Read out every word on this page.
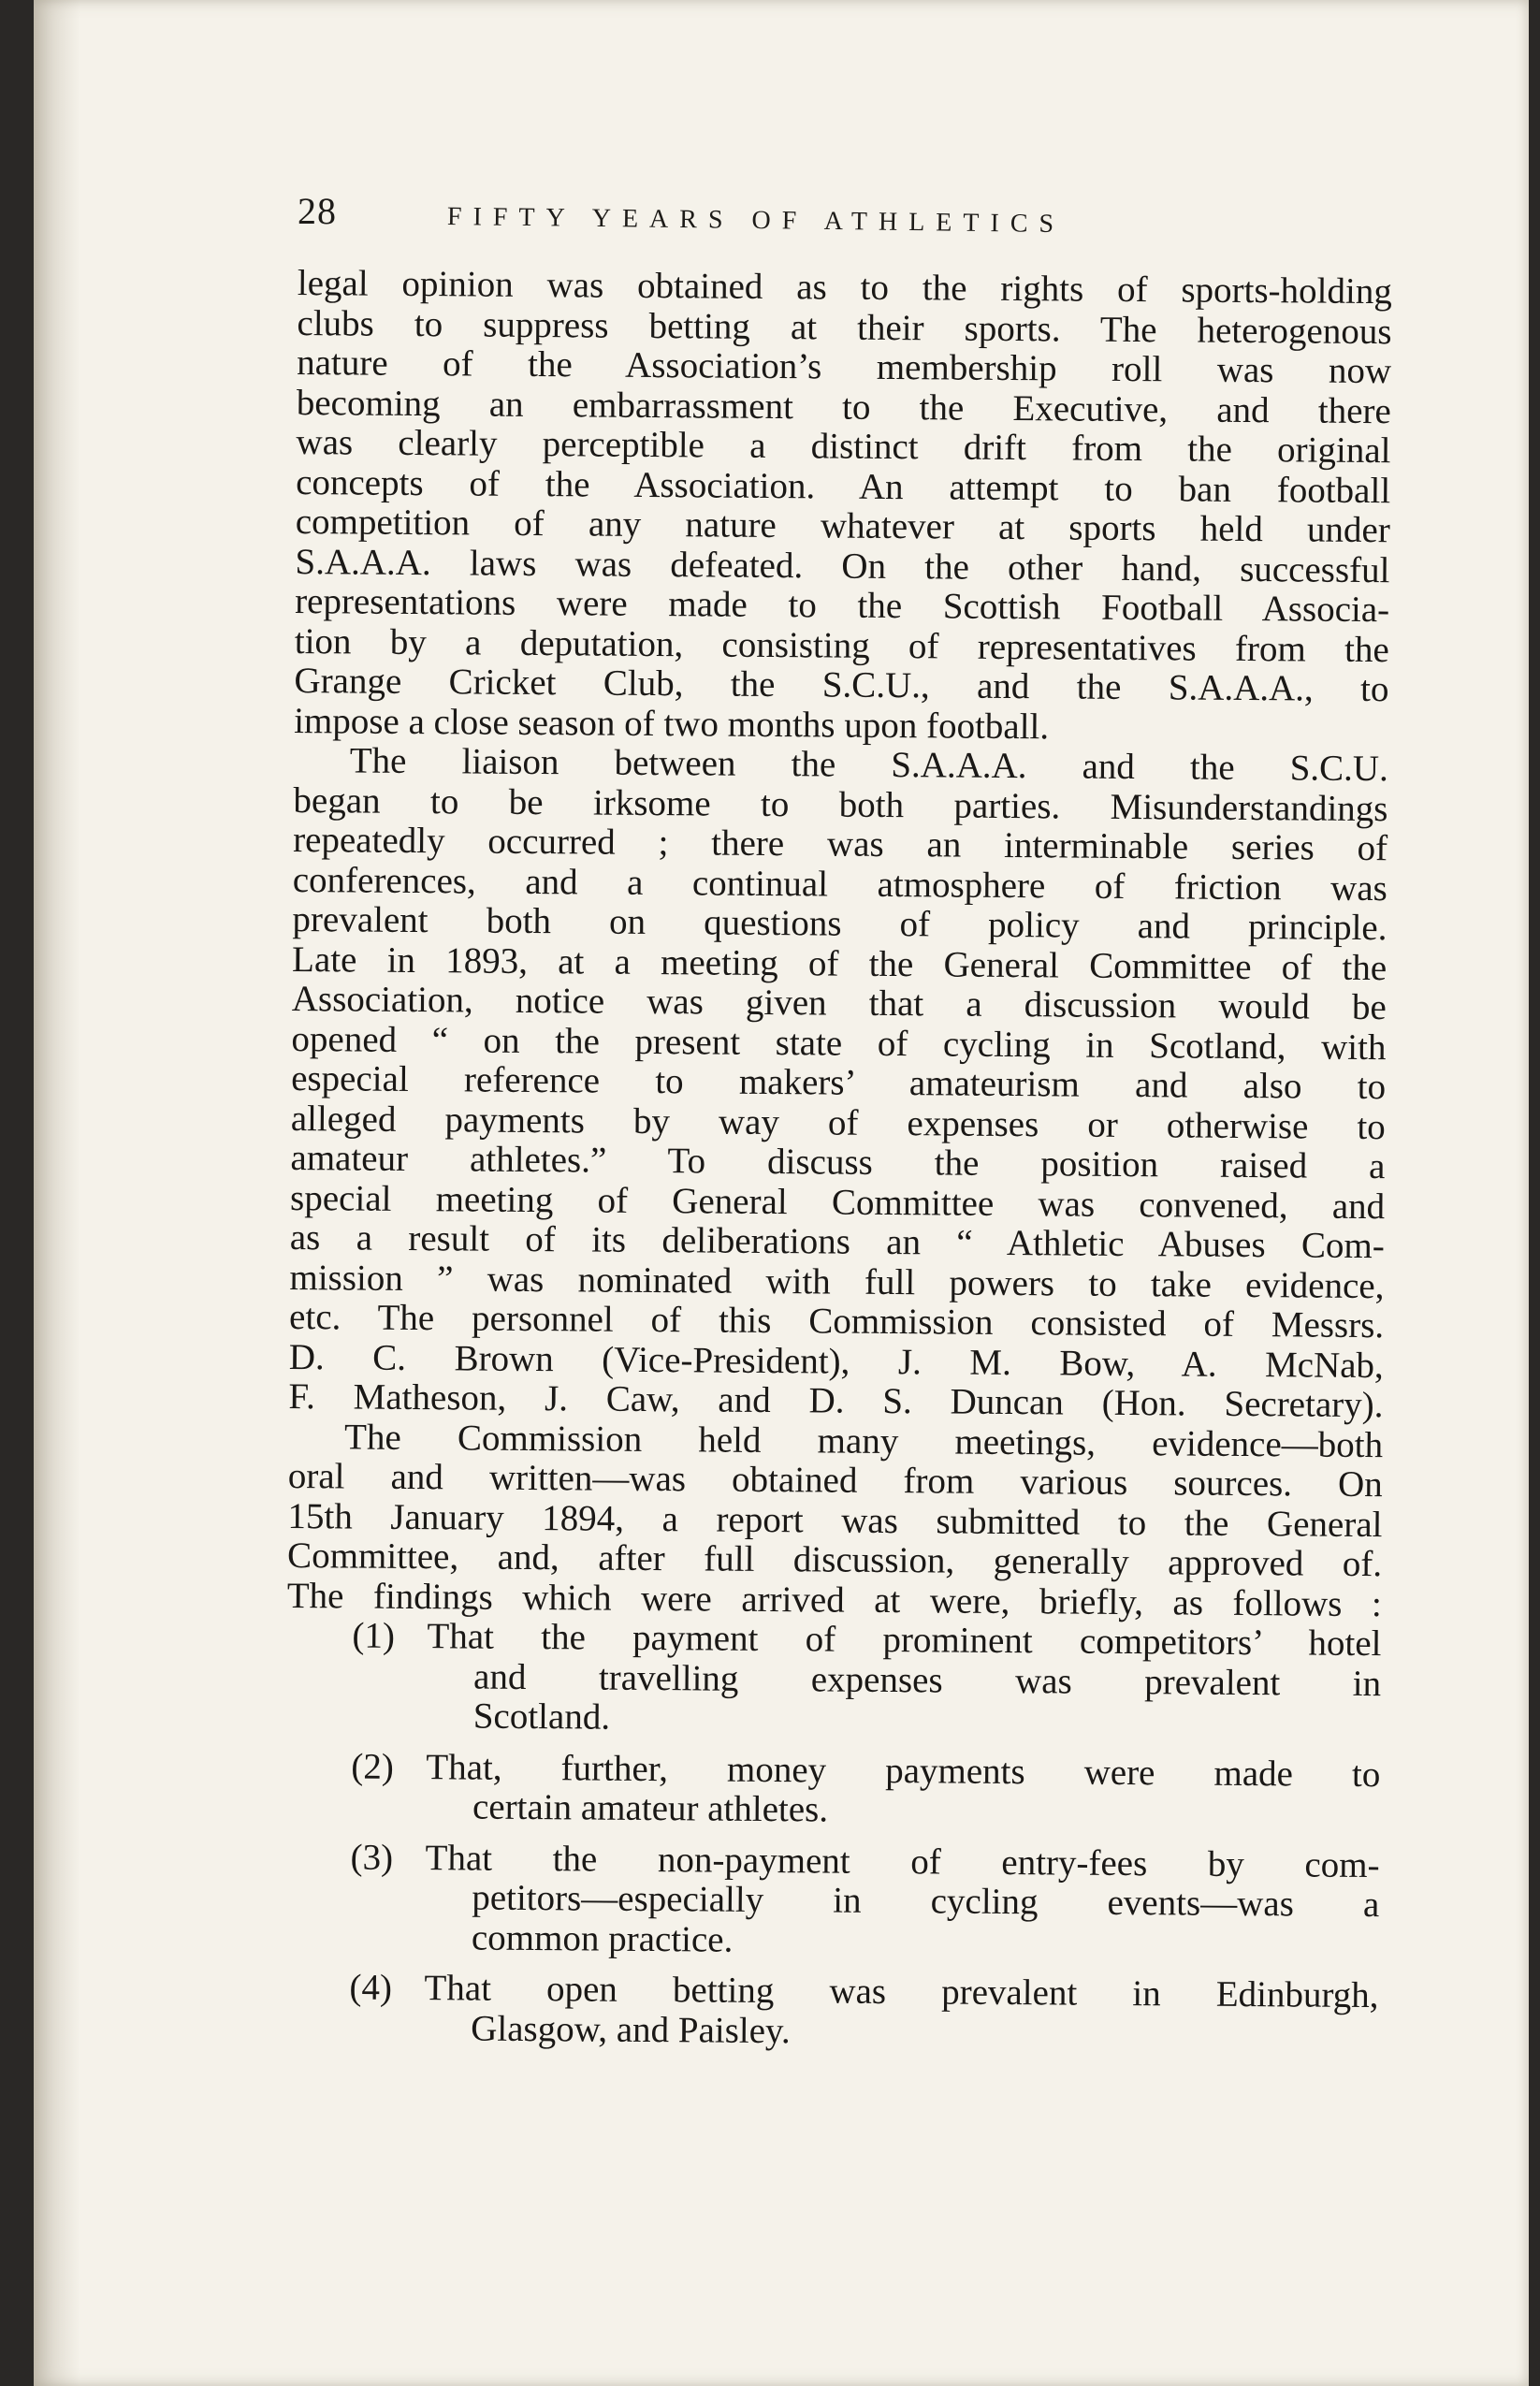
28	FIFTY YEARS OF ATHLETICS
legal opinion was obtained as to the rights of sports-holding
clubs to suppress betting at their sports. The heterogenous
nature of the Association’s membership roll was now
becoming an embarrassment to the Executive, and there
was clearly perceptible a distinct drift from the original
concepts of the Association. An attempt to ban football
competition of any nature whatever at sports held under
S.A.A.A. laws was defeated. On the other hand, successful
representations were made to the Scottish Football Associa-
tion by a deputation, consisting of representatives from the
Grange Cricket Club, the S.C.U., and the S.A.A.A., to
impose a close season of two months upon football.
The liaison between the S.A.A.A. and the S.C.U.
began to be irksome to both parties. Misunderstandings
repeatedly occurred ; there was an interminable series of
conferences, and a continual atmosphere of friction was
prevalent both on questions of policy and principle.
Late in 1893, at a meeting of the General Committee of the
Association, notice was given that a discussion would be
opened “ on the present state of cycling in Scotland, with
especial reference to makers’ amateurism and also to
alleged payments by way of expenses or otherwise to
amateur athletes.” To discuss the position raised a
special meeting of General Committee was convened, and
as a result of its deliberations an “ Athletic Abuses Com-
mission ” was nominated with full powers to take evidence,
etc. The personnel of this Commission consisted of Messrs.
D. C. Brown (Vice-President), J. M. Bow, A. McNab,
F. Matheson, J. Caw, and D. S. Duncan (Hon. Secretary).
The Commission held many meetings, evidence—both
oral and written—was obtained from various sources. On
15th January 1894, a report was submitted to the General
Committee, and, after full discussion, generally approved of.
The findings which were arrived at were, briefly, as follows :
(1) That the payment of prominent competitors’ hotel
and travelling expenses was prevalent in
Scotland.
(2) That, further, money payments were made to
certain amateur athletes.
(3) That the non-payment of entry-fees by com-
petitors—especially in cycling events—was a
common practice.
(4) That open betting was prevalent in Edinburgh,
Glasgow, and Paisley.
